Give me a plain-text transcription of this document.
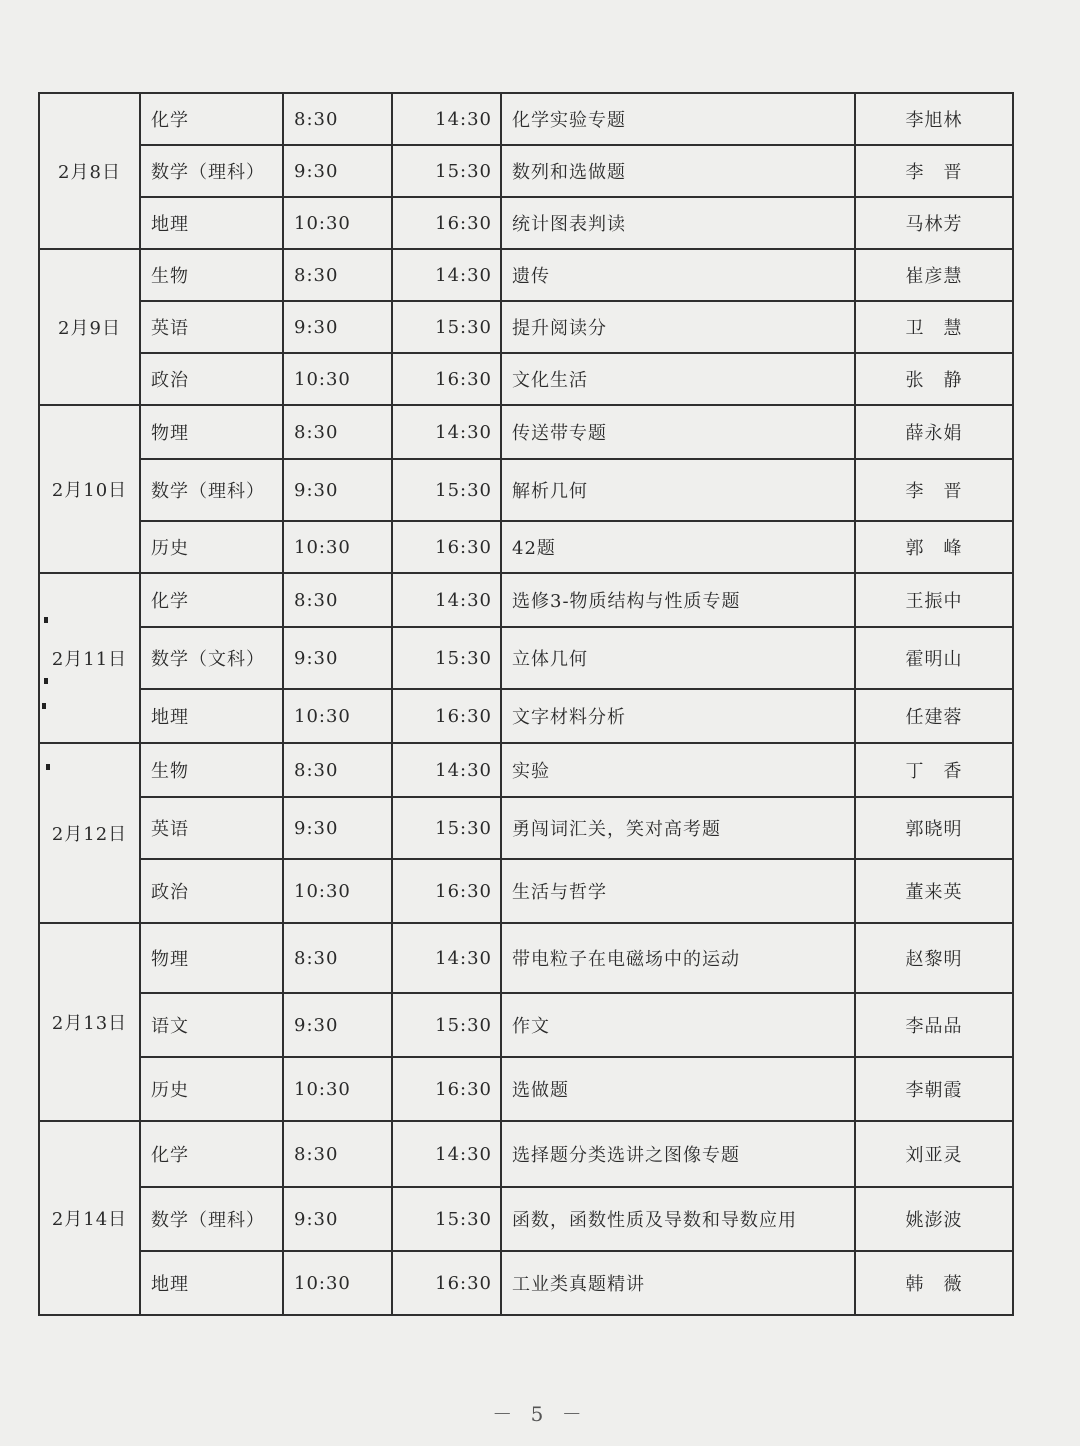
2月8日	化学	8:30	14:30	化学实验专题	李旭林
	数学（理科）	9:30	15:30	数列和选做题	李　晋
	地理	10:30	16:30	统计图表判读	马林芳
2月9日	生物	8:30	14:30	遗传	崔彦慧
	英语	9:30	15:30	提升阅读分	卫　慧
	政治	10:30	16:30	文化生活	张　静
2月10日	物理	8:30	14:30	传送带专题	薛永娟
	数学（理科）	9:30	15:30	解析几何	李　晋
	历史	10:30	16:30	42题	郭　峰
2月11日	化学	8:30	14:30	选修3-物质结构与性质专题	王振中
	数学（文科）	9:30	15:30	立体几何	霍明山
	地理	10:30	16:30	文字材料分析	任建蓉
2月12日	生物	8:30	14:30	实验	丁　香
	英语	9:30	15:30	勇闯词汇关，笑对高考题	郭晓明
	政治	10:30	16:30	生活与哲学	董来英
2月13日	物理	8:30	14:30	带电粒子在电磁场中的运动	赵黎明
	语文	9:30	15:30	作文	李品品
	历史	10:30	16:30	选做题	李朝霞
2月14日	化学	8:30	14:30	选择题分类选讲之图像专题	刘亚灵
	数学（理科）	9:30	15:30	函数，函数性质及导数和导数应用	姚澎波
	地理	10:30	16:30	工业类真题精讲	韩　薇
－ 5 －
